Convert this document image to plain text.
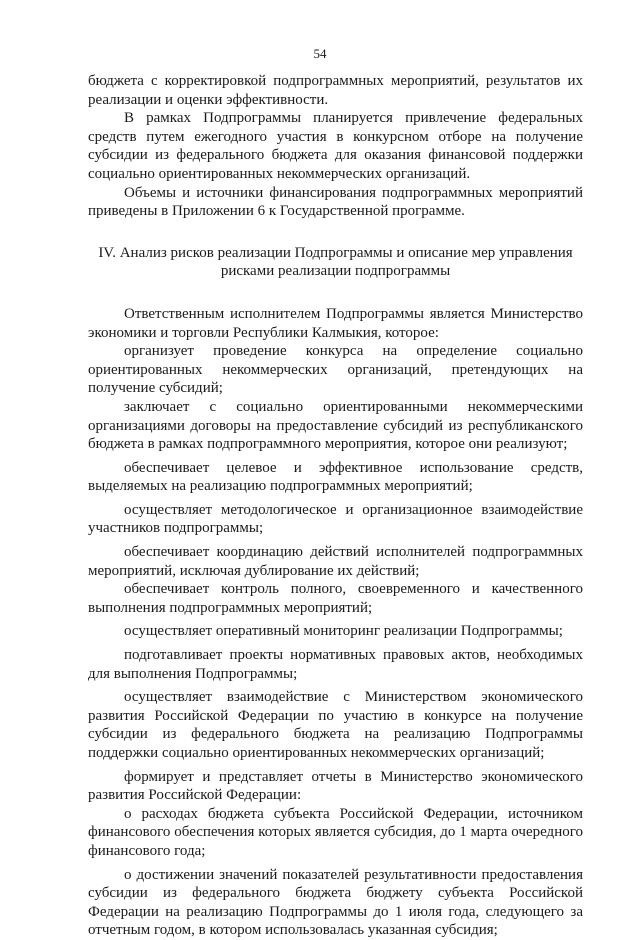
54

бюджета с корректировкой подпрограммных мероприятий, результатов их реализации и оценки эффективности.

В рамках Подпрограммы планируется привлечение федеральных средств путем ежегодного участия в конкурсном отборе на получение субсидии из федерального бюджета для оказания финансовой поддержки социально ориентированных некоммерческих организаций.

Объемы и источники финансирования подпрограммных мероприятий приведены в Приложении 6 к Государственной программе.

IV. Анализ рисков реализации Подпрограммы и описание мер управления рисками реализации подпрограммы

Ответственным исполнителем Подпрограммы является Министерство экономики и торговли Республики Калмыкия, которое:

организует проведение конкурса на определение социально ориентированных некоммерческих организаций, претендующих на получение субсидий;

заключает с социально ориентированными некоммерческими организациями договоры на предоставление субсидий из республиканского бюджета в рамках подпрограммного мероприятия, которое они реализуют;

обеспечивает целевое и эффективное использование средств, выделяемых на реализацию подпрограммных мероприятий;

осуществляет методологическое и организационное взаимодействие участников подпрограммы;

обеспечивает координацию действий исполнителей подпрограммных мероприятий, исключая дублирование их действий;

обеспечивает контроль полного, своевременного и качественного выполнения подпрограммных мероприятий;

осуществляет оперативный мониторинг реализации Подпрограммы;

подготавливает проекты нормативных правовых актов, необходимых для выполнения Подпрограммы;

осуществляет взаимодействие с Министерством экономического развития Российской Федерации по участию в конкурсе на получение субсидии из федерального бюджета на реализацию Подпрограммы поддержки социально ориентированных некоммерческих организаций;

формирует и представляет отчеты в Министерство экономического развития Российской Федерации:

о расходах бюджета субъекта Российской Федерации, источником финансового обеспечения которых является субсидия, до 1 марта очередного финансового года;

о достижении значений показателей результативности предоставления субсидии из федерального бюджета бюджету субъекта Российской Федерации на реализацию Подпрограммы до 1 июля года, следующего за отчетным годом, в котором использовалась указанная субсидия;
